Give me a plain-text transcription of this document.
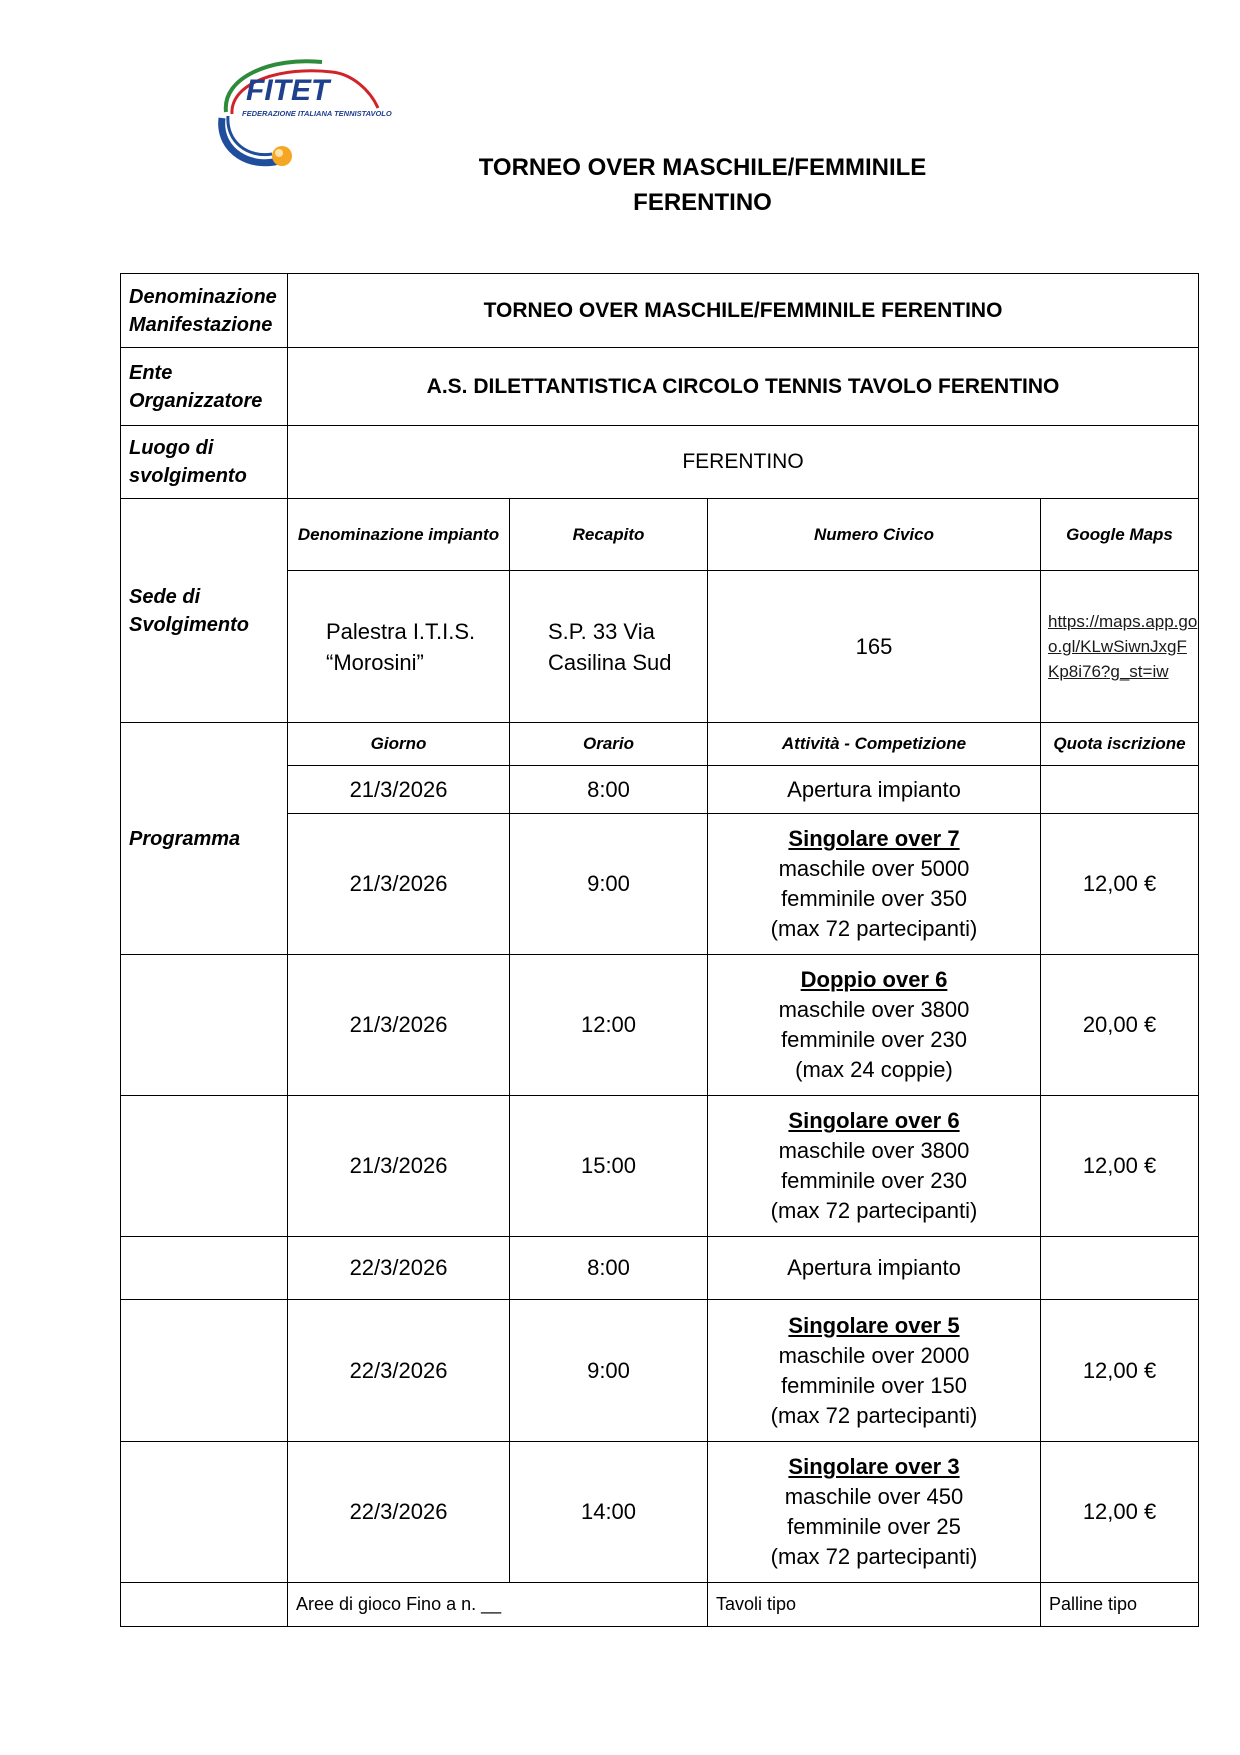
FITET
FEDERAZIONE ITALIANA TENNISTAVOLO
TORNEO OVER MASCHILE/FEMMINILE
FERENTINO
Denominazione Manifestazione	TORNEO OVER MASCHILE/FEMMINILE FERENTINO			
Ente Organizzatore	A.S. DILETTANTISTICA CIRCOLO TENNIS TAVOLO FERENTINO			
Luogo di svolgimento	FERENTINO			
Sede di Svolgimento	Denominazione impianto	Recapito	Numero Civico	Google Maps
	Palestra I.T.I.S. “Morosini”	S.P. 33 Via Casilina Sud	165	https://maps.app.goo.gl/KLwSiwnJxgFKp8i76?g_st=iw
Programma	Giorno	Orario	Attività - Competizione	Quota iscrizione
	21/3/2026	8:00	Apertura impianto	
	21/3/2026	9:00	Singolare over 7
maschile over 5000
femminile over 350
(max 72 partecipanti)	12,00 €
	21/3/2026	12:00	Doppio over 6
maschile over 3800
femminile over 230
(max 24 coppie)	20,00 €
	21/3/2026	15:00	Singolare over 6
maschile over 3800
femminile over 230
(max 72 partecipanti)	12,00 €
	22/3/2026	8:00	Apertura impianto	
	22/3/2026	9:00	Singolare over 5
maschile over 2000
femminile over 150
(max 72 partecipanti)	12,00 €
	22/3/2026	14:00	Singolare over 3
maschile over 450
femminile over 25
(max 72 partecipanti)	12,00 €
	Aree di gioco Fino a n. __		Tavoli tipo	Palline tipo
